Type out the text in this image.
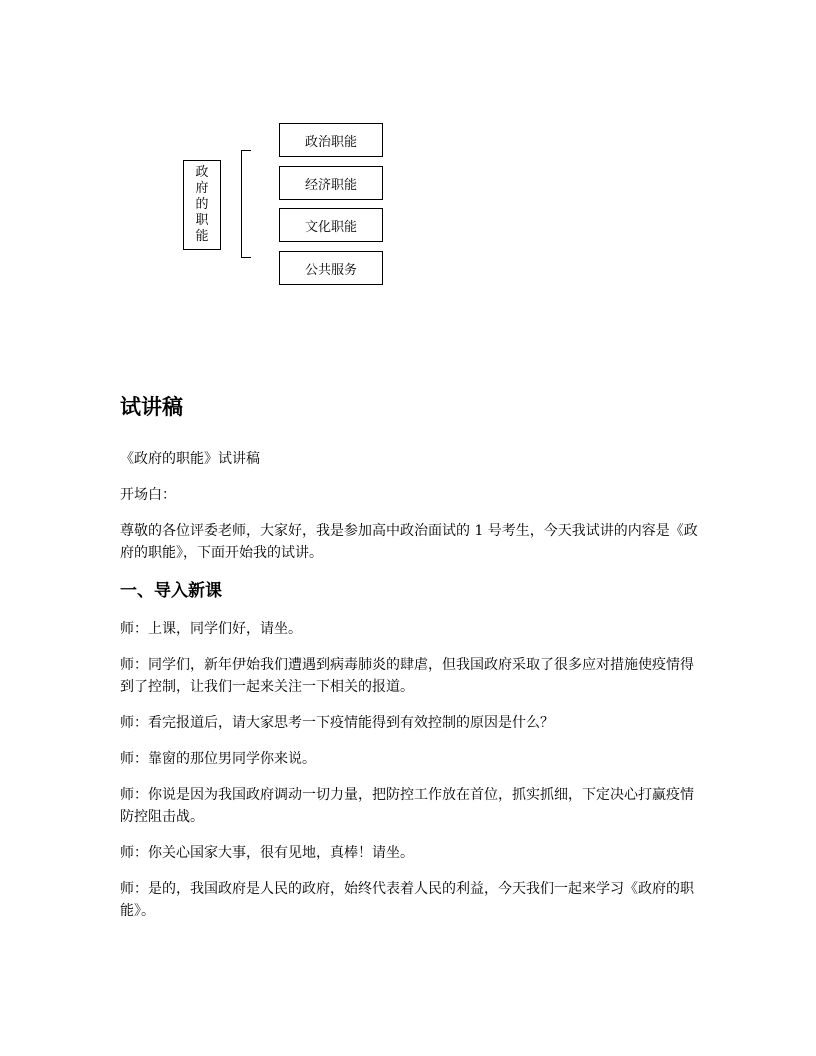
政
府
的
职
能
政治职能
经济职能
文化职能
公共服务
试讲稿

《政府的职能》试讲稿

开场白：

尊敬的各位评委老师，大家好，我是参加高中政治面试的 1 号考生，今天我试讲的内容是《政府的职能》，下面开始我的试讲。

一、导入新课

师：上课，同学们好，请坐。

师：同学们，新年伊始我们遭遇到病毒肺炎的肆虐，但我国政府采取了很多应对措施使疫情得到了控制，让我们一起来关注一下相关的报道。

师：看完报道后，请大家思考一下疫情能得到有效控制的原因是什么？

师：靠窗的那位男同学你来说。

师：你说是因为我国政府调动一切力量，把防控工作放在首位，抓实抓细，下定决心打赢疫情防控阻击战。

师：你关心国家大事，很有见地，真棒！请坐。

师：是的，我国政府是人民的政府，始终代表着人民的利益，今天我们一起来学习《政府的职能》。
